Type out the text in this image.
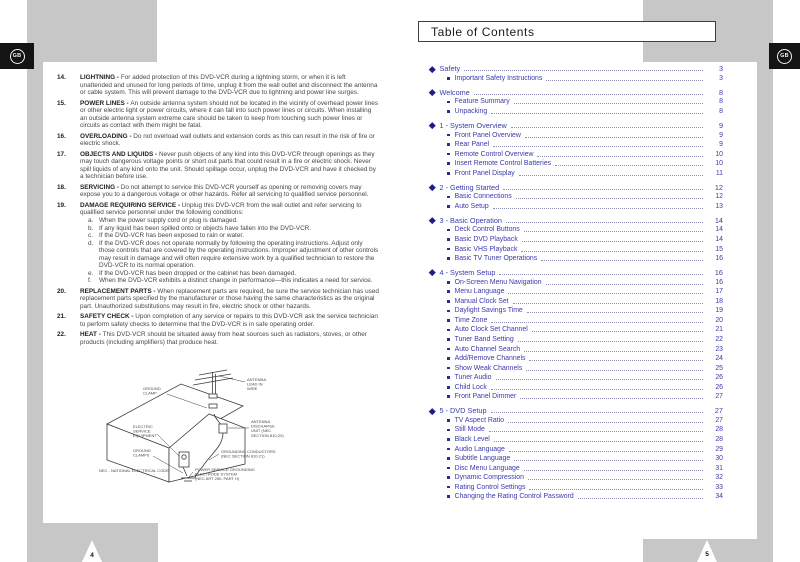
GB	GB
4	5
14.	LIGHTNING - For added protection of this DVD-VCR during a lightning storm, or when it is left unattended and unused for long periods of time, unplug it from the wall outlet and disconnect the antenna or cable system. This will prevent damage to the DVD-VCR due to lightning and power line surges.
15.	POWER LINES - An outside antenna system should not be located in the vicinity of overhead power lines or other electric light or power circuits, where it can fall into such power lines or circuits. When installing an outside antenna system extreme care should be taken to keep from touching such power lines or circuits as contact with them might be fatal.
16.	OVERLOADING - Do not overload wall outlets and extension cords as this can result in the risk of fire or electric shock.
17.	OBJECTS AND LIQUIDS - Never push objects of any kind into this DVD-VCR through openings as they may touch dangerous voltage points or short out parts that could result in a fire or electric shock. Never spill liquids of any kind onto the unit. Should spillage occur, unplug the DVD-VCR and have it checked by a technician before use.
18.	SERVICING - Do not attempt to service this DVD-VCR yourself as opening or removing covers may expose you to a dangerous voltage or other hazards. Refer all servicing to qualified service personnel.
19.	DAMAGE REQUIRING SERVICE - Unplug this DVD-VCR from the wall outlet and refer servicing to qualified service personnel under the following conditions:
a. When the power supply cord or plug is damaged.
b. If any liquid has been spilled onto or objects have fallen into the DVD-VCR.
c. If the DVD-VCR has been exposed to rain or water.
d. If the DVD-VCR does not operate normally by following the operating instructions. Adjust only those controls that are covered by the operating instructions. Improper adjustment of other controls may result in damage and will often require extensive work by a qualified technician to restore the DVD-VCR to its normal operation.
e. If the DVD-VCR has been dropped or the cabinet has been damaged.
f.	When the DVD-VCR exhibits a distinct change in performance—this indicates a need for service.
20.	REPLACEMENT PARTS - When replacement parts are required, be sure the service technician has used replacement parts specified by the manufacturer or those having the same characteristics as the original part. Unauthorized substitutions may result in fire, electric shock or other hazards.
21.	SAFETY CHECK - Upon completion of any service or repairs to this DVD-VCR ask the service technician to perform safety checks to determine that the DVD-VCR is in safe operating order.
22.	HEAT - This DVD-VCR should be situated away from heat sources such as radiators, stoves, or other products (including amplifiers) that produce heat.
GROUND CLAMP
ANTENNA LEAD IN WIRE
ANTENNA DISCHARGE UNIT (NEC SECTION 810-20)
ELECTRIC SERVICE EQUIPMENT
GROUND CLAMPS
GROUNDING CONDUCTORS (NEC SECTION 810-21)
POWER SERVICE GROUNDING ELECTRODE SYSTEM (NEC ART 250, PART H)
NEC - NATIONAL ELECTRICAL CODE
Table of Contents
Safety	3
Important Safety Instructions	3
Welcome	8
Feature Summary	8
Unpacking	8
1 - System Overview	9
Front Panel Overview	9
Rear Panel	9
Remote Control Overview	10
Insert Remote Control Batteries	10
Front Panel Display	11
2 - Getting Started	12
Basic Connections	12
Auto Setup	13
3 - Basic Operation	14
Deck Control Buttons	14
Basic DVD Playback	14
Basic VHS Playback	15
Basic TV Tuner Operations	16
4 - System Setup	16
On-Screen Menu Navigation	16
Menu Language	17
Manual Clock Set	18
Daylight Savings Time	19
Time Zone	20
Auto Clock Set Channel	21
Tuner Band Setting	22
Auto Channel Search	23
Add/Remove Channels	24
Show Weak Channels	25
Tuner Audio	26
Child Lock	26
Front Panel Dimmer	27
5 - DVD Setup	27
TV Aspect Ratio	27
Still Mode	28
Black Level	28
Audio Language	29
Subtitle Language	30
Disc Menu Language	31
Dynamic Compression	32
Rating Control Settings	33
Changing the Rating Control Password	34
